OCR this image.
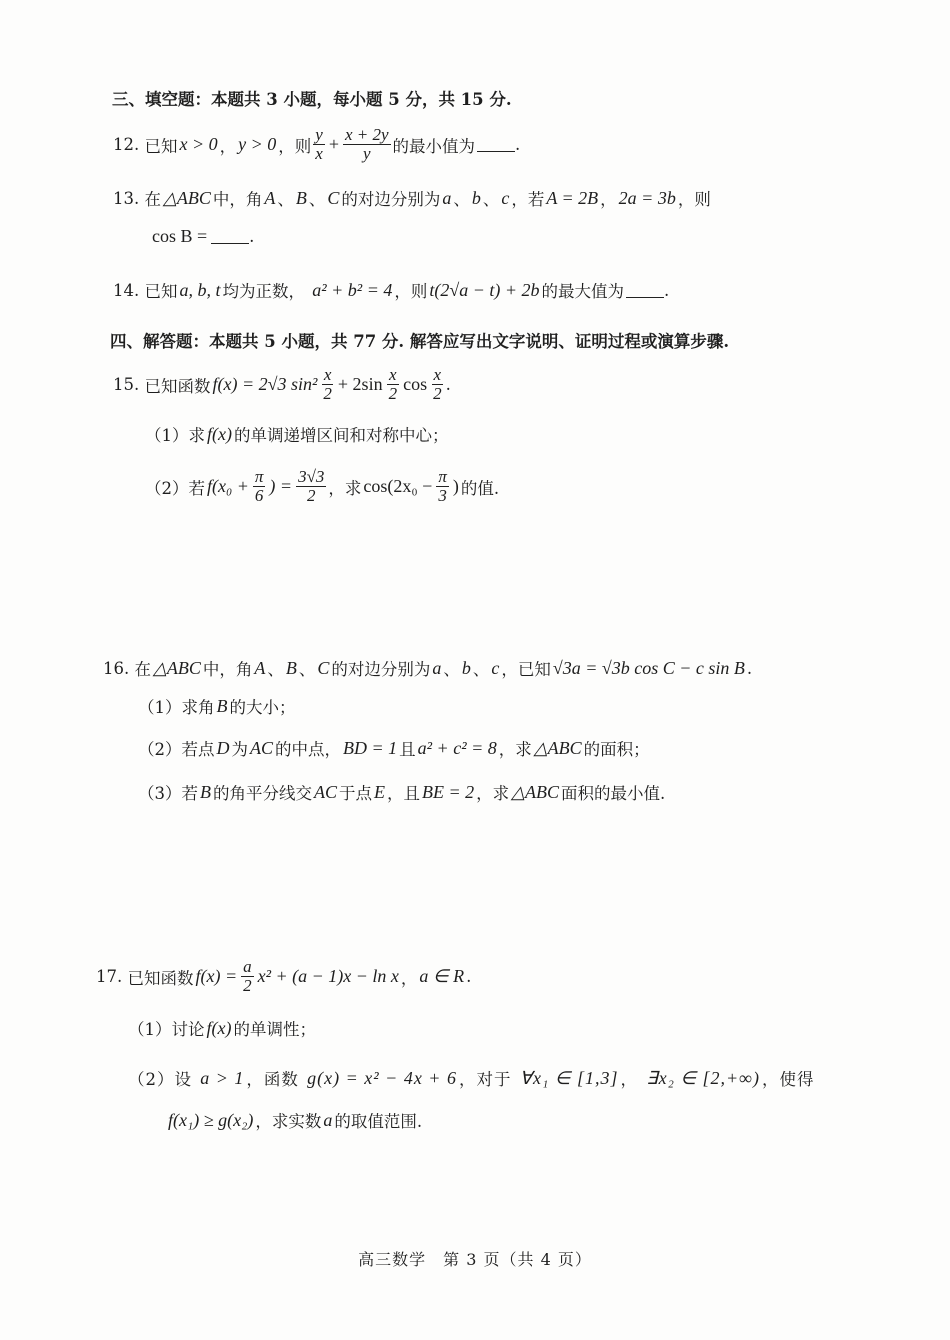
三、填空题：本题共 3 小题，每小题 5 分，共 15 分.
12.
已知 x > 0 ， y > 0 ，则 $\frac{y}{x} + \frac{x + 2y}{y}$ 的最小值为 .
13.
在 △ABC 中，角 A 、 B 、 C 的对边分别为 a 、 b 、 c ，若 A = 2B ， 2a = 3b ，则
cos B =	.
14.
已知 a, b, t 均为正数，
a² + b² = 4 ，则 t(2√a − t) + 2b 的最大值为 .
四、解答题：本题共 5 小题，共 77 分. 解答应写出文字说明、证明过程或演算步骤.
15.
已知函数 f(x) = 2√3 $\sin^2 \frac{x}{2} + 2\sin \frac{x}{2}$ $\cos \frac{x}{2}$ .
（1）求 f(x) 的单调递增区间和对称中心；
（2）若 $f(x_0 + \frac{\pi}{6}$ ) = $\frac{3√3}{2}$ ，求 $\cos(2x_0 - \frac{\pi}{3}$ ) 的值.
16.
在 △ABC 中，角 A 、 B 、 C 的对边分别为 a 、 b 、 c ，已知 √3a = √3b cos C − c sin B .
（1）求角 B 的大小；
（2）若点 D 为 AC 的中点， BD = 1 且 a² + c² = 8 ，求 △ABC 的面积；
（3）若 B 的角平分线交 AC 于点 E ，且 BE = 2 ，求 △ABC 面积的最小值.
17.
已知函数 $f(x) = \frac{a}{2} x^2 + (a - 1)x - \ln x$ ， a ∈ R .
（1）讨论 f(x) 的单调性；
（2）设
a > 1 ，函数
g(x) = x² − 4x + 6 ，对于
∀x₁ ∈ [1,3] ，
∃x₂ ∈ [2,+∞) ，使得
f(x₁) ≥ g(x₂) ，求实数 a 的取值范围.
高三数学　第 3 页（共 4 页）
